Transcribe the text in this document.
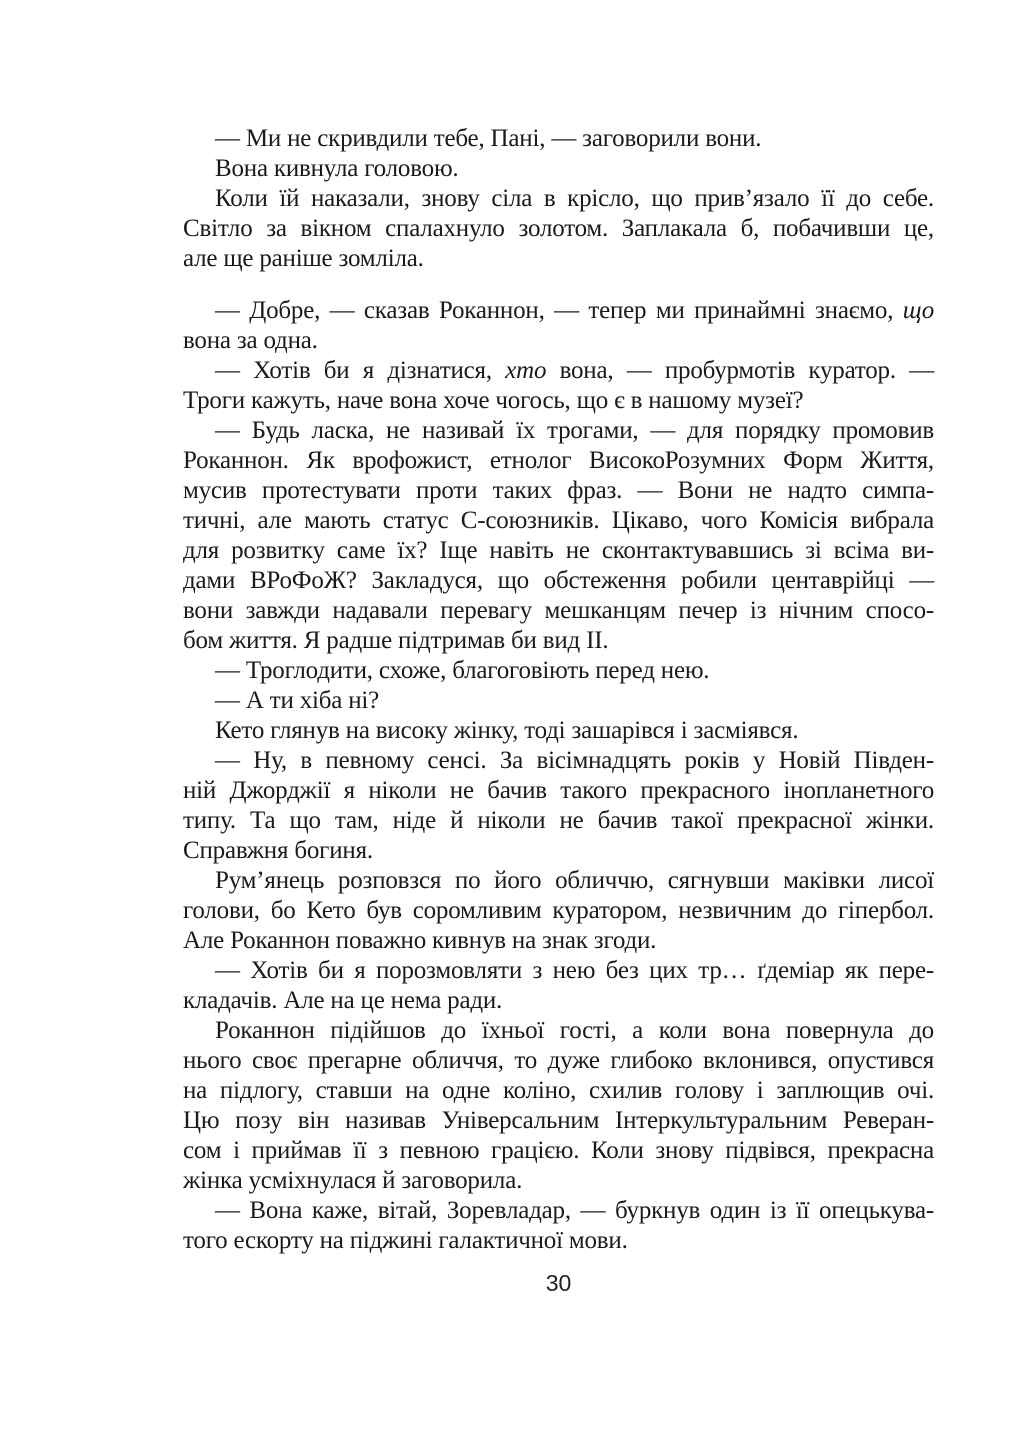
— Ми не скривдили тебе, Пані, — заговорили вони.
Вона кивнула головою.
Коли їй наказали, знову сіла в крісло, що прив’язало її до себе.
Світло за вікном спалахнуло золотом. Заплакала б, побачивши це,
але ще раніше зомліла.
— Добре, — сказав Роканнон, — тепер ми принаймні знаємо, що
вона за одна.
— Хотів би я дізнатися, хто вона, — пробурмотів куратор. —
Троги кажуть, наче вона хоче чогось, що є в нашому музеї?
— Будь ласка, не називай їх трогами, — для порядку промовив
Роканнон. Як врофожист, етнолог ВисокоРозумних Форм Життя,
мусив протестувати проти таких фраз. — Вони не надто симпа-
тичні, але мають статус С-союзників. Цікаво, чого Комісія вибрала
для розвитку саме їх? Іще навіть не сконтактувавшись зі всіма ви-
дами ВРоФоЖ? Закладуся, що обстеження робили центаврійці —
вони завжди надавали перевагу мешканцям печер із нічним спосо-
бом життя. Я радше підтримав би вид II.
— Троглодити, схоже, благоговіють перед нею.
— А ти хіба ні?
Кето глянув на високу жінку, тоді зашарівся і засміявся.
— Ну, в певному сенсі. За вісімнадцять років у Новій Півден-
ній Джорджії я ніколи не бачив такого прекрасного інопланетного
типу. Та що там, ніде й ніколи не бачив такої прекрасної жінки.
Справжня богиня.
Рум’янець розповзся по його обличчю, сягнувши маківки лисої
голови, бо Кето був соромливим куратором, незвичним до гіпербол.
Але Роканнон поважно кивнув на знак згоди.
— Хотів би я порозмовляти з нею без цих тр… ґдеміар як пере-
кладачів. Але на це нема ради.
Роканнон підійшов до їхньої гості, а коли вона повернула до
нього своє прегарне обличчя, то дуже глибоко вклонився, опустився
на підлогу, ставши на одне коліно, схилив голову і заплющив очі.
Цю позу він називав Універсальним Інтеркультуральним Реверан-
сом і приймав її з певною грацією. Коли знову підвівся, прекрасна
жінка усміхнулася й заговорила.
— Вона каже, вітай, Зоревладар, — буркнув один із її опецькува-
того ескорту на піджині галактичної мови.
30
